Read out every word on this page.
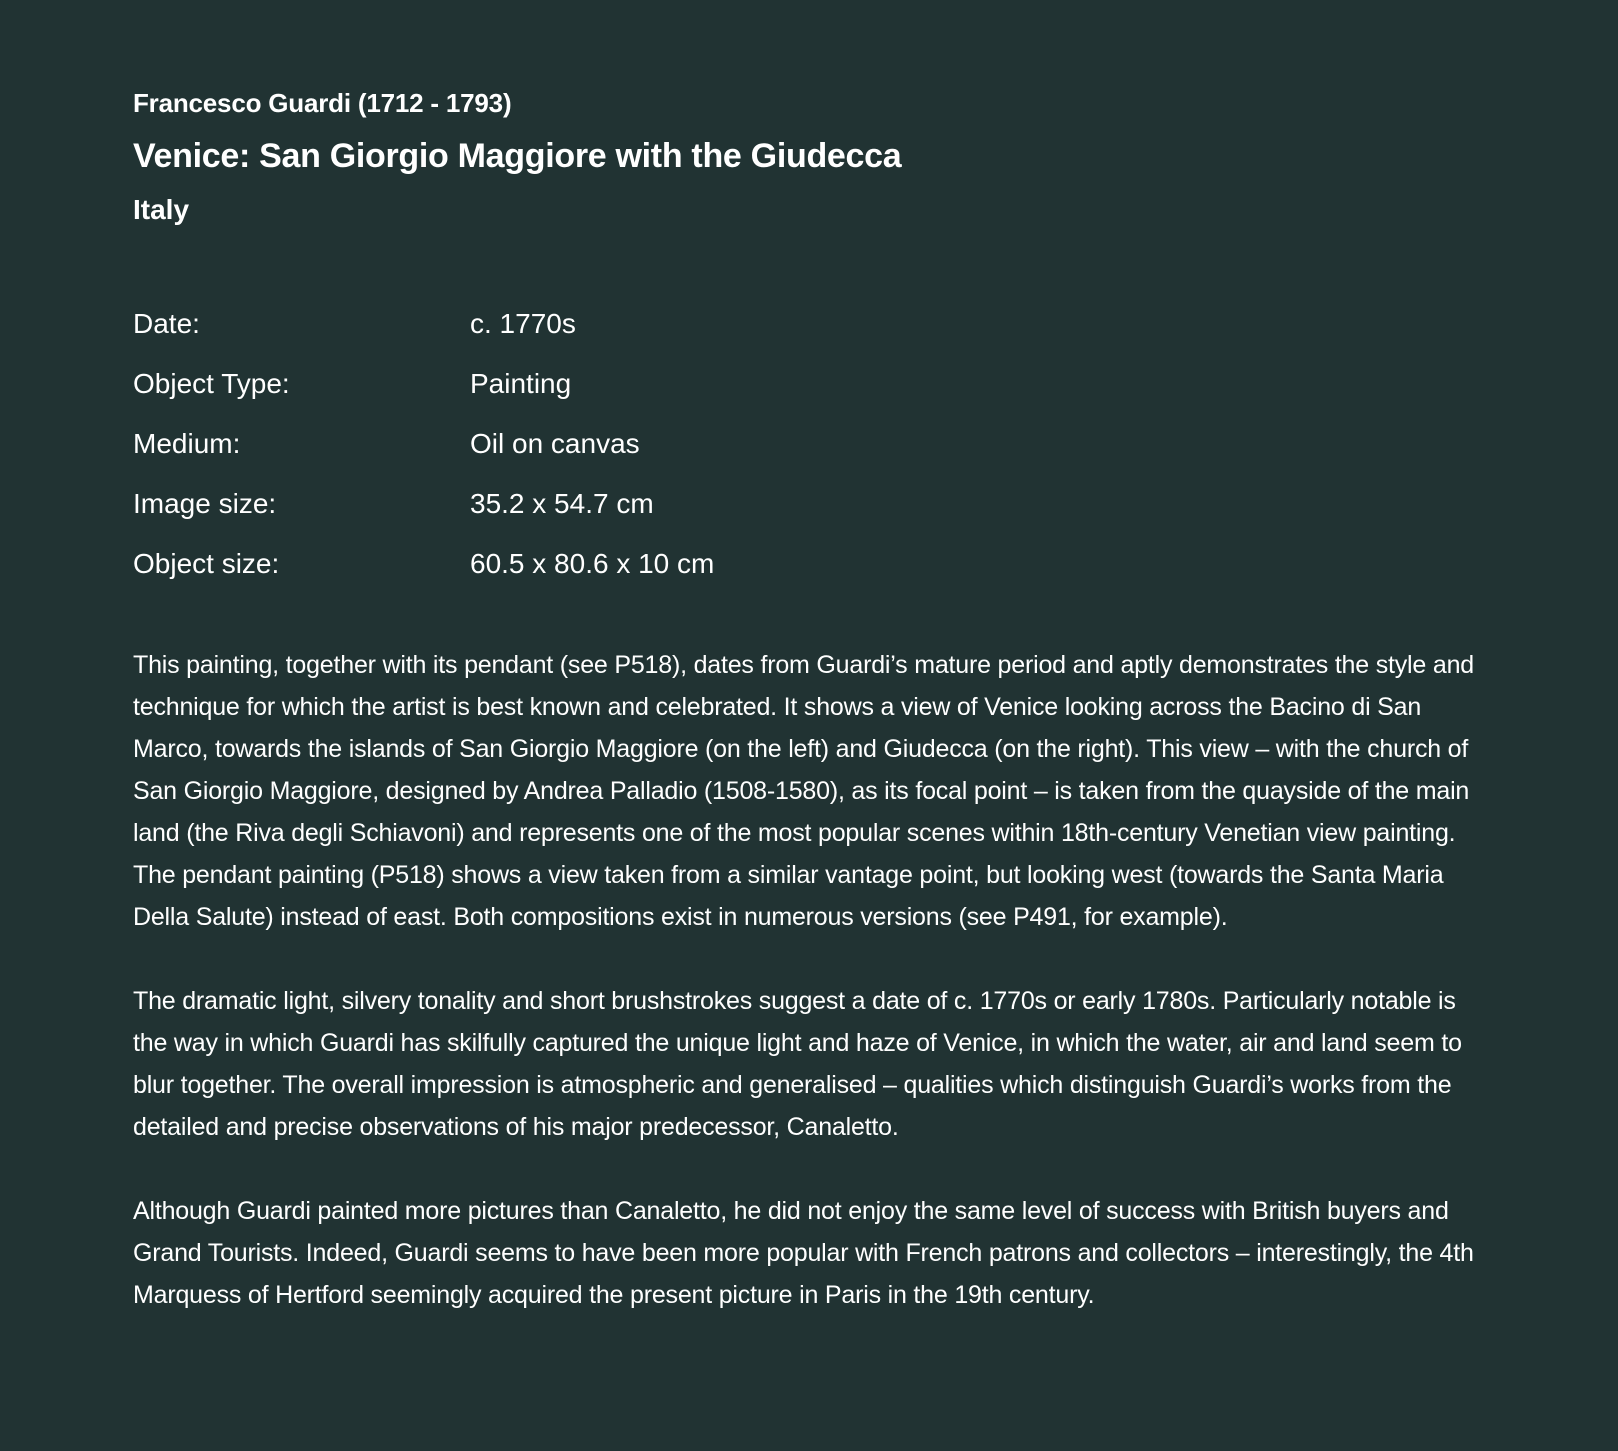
Francesco Guardi (1712 - 1793)
Venice: San Giorgio Maggiore with the Giudecca
Italy
Date:	c. 1770s
Object Type:	Painting
Medium:	Oil on canvas
Image size:	35.2 x 54.7 cm
Object size:	60.5 x 80.6 x 10 cm

This painting, together with its pendant (see P518), dates from Guardi’s mature period and aptly demonstrates the style and technique for which the artist is best known and celebrated. It shows a view of Venice looking across the Bacino di San Marco, towards the islands of San Giorgio Maggiore (on the left) and Giudecca (on the right). This view – with the church of San Giorgio Maggiore, designed by Andrea Palladio (1508-1580), as its focal point – is taken from the quayside of the main land (the Riva degli Schiavoni) and represents one of the most popular scenes within 18th-century Venetian view painting. The pendant painting (P518) shows a view taken from a similar vantage point, but looking west (towards the Santa Maria Della Salute) instead of east. Both compositions exist in numerous versions (see P491, for example).

The dramatic light, silvery tonality and short brushstrokes suggest a date of c. 1770s or early 1780s. Particularly notable is the way in which Guardi has skilfully captured the unique light and haze of Venice, in which the water, air and land seem to blur together. The overall impression is atmospheric and generalised – qualities which distinguish Guardi’s works from the detailed and precise observations of his major predecessor, Canaletto.

Although Guardi painted more pictures than Canaletto, he did not enjoy the same level of success with British buyers and Grand Tourists. Indeed, Guardi seems to have been more popular with French patrons and collectors – interestingly, the 4th Marquess of Hertford seemingly acquired the present picture in Paris in the 19th century.
